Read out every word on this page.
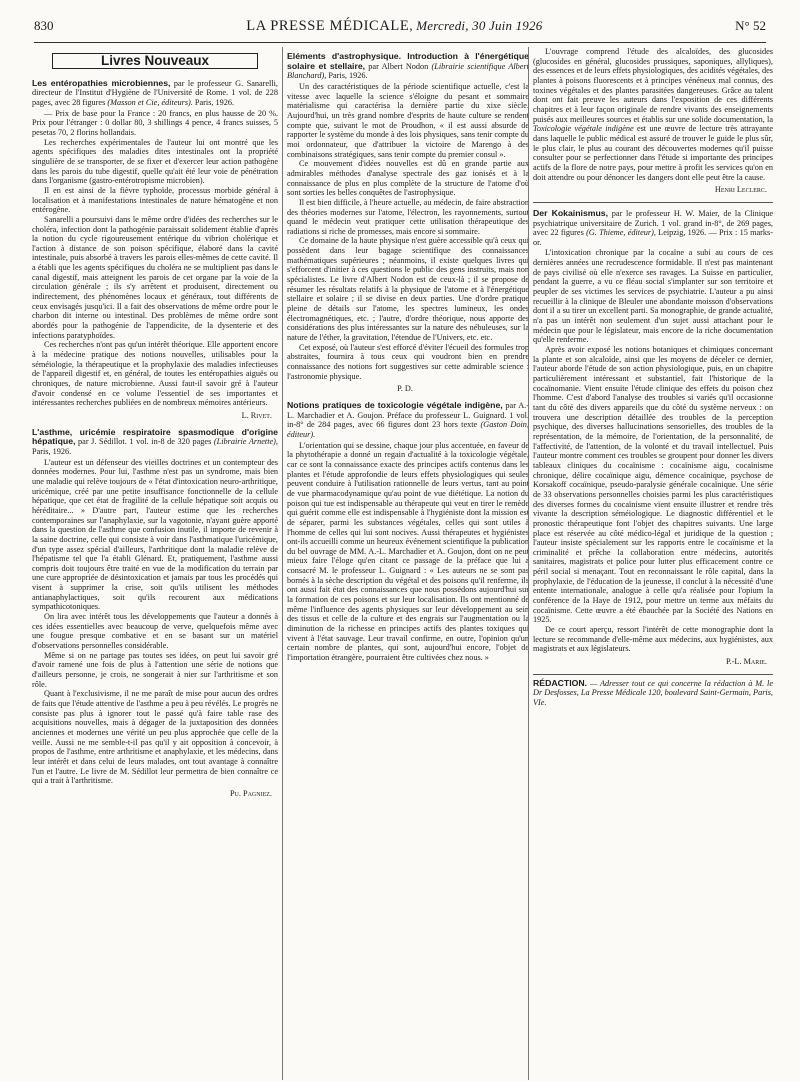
830	LA PRESSE MÉDICALE, Mercredi, 30 Juin 1926	N° 52
Livres Nouveaux

Les entéropathies microbiennes, par le professeur G. Sanarelli, directeur de l'Institut d'Hygiène de l'Université de Rome. 1 vol. de 228 pages, avec 28 figures (Masson et Cie, éditeurs). Paris, 1926.

— Prix de base pour la France : 20 francs, en plus hausse de 20 %. Prix pour l'étranger : 0 dollar 80, 3 shillings 4 pence, 4 francs suisses, 5 pesetas 70, 2 florins hollandais.

Les recherches expérimentales de l'auteur lui ont montré que les agents spécifiques des maladies dites intestinales ont la propriété singulière de se transporter, de se fixer et d'exercer leur action pathogène dans les parois du tube digestif, quelle qu'ait été leur voie de pénétration dans l'organisme (gastro-entérotropisme microbien).

Il en est ainsi de la fièvre typhoïde, processus morbide général à localisation et à manifestations intestinales de nature hématogène et non entérogène.

Sanarelli a poursuivi dans le même ordre d'idées des recherches sur le choléra, infection dont la pathogénie paraissait solidement établie d'après la notion du cycle rigoureusement entérique du vibrion cholérique et l'action à distance de son poison spécifique, élaboré dans la cavité intestinale, puis absorbé à travers les parois elles-mêmes de cette cavité. Il a établi que les agents spécifiques du choléra ne se multiplient pas dans le canal digestif, mais atteignent les parois de cet organe par la voie de la circulation générale ; ils s'y arrêtent et produisent, directement ou indirectement, des phénomènes locaux et généraux, tout différents de ceux envisagés jusqu'ici. Il a fait des observations de même ordre pour le charbon dit interne ou intestinal. Des problèmes de même ordre sont abordés pour la pathogénie de l'appendicite, de la dysenterie et des infections paratyphoïdes.

Ces recherches n'ont pas qu'un intérêt théorique. Elle apportent encore à la médecine pratique des notions nouvelles, utilisables pour la séméiologie, la thérapeutique et la prophylaxie des maladies infectieuses de l'appareil digestif et, en général, de toutes les entéropathies aiguës ou chroniques, de nature microbienne. Aussi faut-il savoir gré à l'auteur d'avoir condensé en ce volume l'essentiel de ses importantes et intéressantes recherches publiées en de nombreux mémoires antérieurs.

L. Rivet.

L'asthme, uricémie respiratoire spasmodique d'origine hépatique, par J. Sédillot. 1 vol. in-8 de 320 pages (Librairie Arnette), Paris, 1926.

L'auteur est un défenseur des vieilles doctrines et un contempteur des données modernes. Pour lui, l'asthme n'est pas un syndrome, mais bien une maladie qui relève toujours de « l'état d'intoxication neuro-arthritique, uricémique, créé par une petite insuffisance fonctionnelle de la cellule hépatique, que cet état de fragilité de la cellule hépatique soit acquis ou héréditaire... » D'autre part, l'auteur estime que les recherches contemporaines sur l'anaphylaxie, sur la vagotonie, n'ayant guère apporté dans la question de l'asthme que confusion inutile, il importe de revenir à la saine doctrine, celle qui consiste à voir dans l'asthmatique l'uricémique, d'un type assez spécial d'ailleurs, l'arthritique dont la maladie relève de l'hépatisme tel que l'a établi Glénard. Et, pratiquement, l'asthme aussi compris doit toujours être traité en vue de la modification du terrain par une cure appropriée de désintoxication et jamais par tous les procédés qui visent à supprimer la crise, soit qu'ils utilisent les méthodes antianaphylactiques, soit qu'ils recourent aux médications sympathicotoniques.

On lira avec intérêt tous les développements que l'auteur a donnés à ces idées essentielles avec beaucoup de verve, quelquefois même avec une fougue presque combative et en se basant sur un matériel d'observations personnelles considérable.

Même si on ne partage pas toutes ses idées, on peut lui savoir gré d'avoir ramené une fois de plus à l'attention une série de notions que d'ailleurs personne, je crois, ne songerait à nier sur l'arthritisme et son rôle.

Quant à l'exclusivisme, il ne me paraît de mise pour aucun des ordres de faits que l'étude attentive de l'asthme a peu à peu révélés. Le progrès ne consiste pas plus à ignorer tout le passé qu'à faire table rase des acquisitions nouvelles, mais à dégager de la juxtaposition des données anciennes et modernes une vérité un peu plus approchée que celle de la veille. Aussi ne me semble-t-il pas qu'il y ait opposition à concevoir, à propos de l'asthme, entre arthritisme et anaphylaxie, et les médecins, dans leur intérêt et dans celui de leurs malades, ont tout avantage à connaître l'un et l'autre. Le livre de M. Sédillot leur permettra de bien connaître ce qui a trait à l'arthritisme.

Pu. Pagniez.

Eléments d'astrophysique. Introduction à l'énergétique solaire et stellaire, par Albert Nodon (Librairie scientifique Albert Blanchard), Paris, 1926.

Un des caractéristiques de la période scientifique actuelle, c'est la vitesse avec laquelle la science s'éloigne du pesant et sommaire matérialisme qui caractérisa la dernière partie du xixe siècle. Aujourd'hui, un très grand nombre d'esprits de haute culture se rendent compte que, suivant le mot de Proudhon, « il est aussi absurde de rapporter le système du monde à des lois physiques, sans tenir compte du moi ordonnateur, que d'attribuer la victoire de Marengo à des combinaisons stratégiques, sans tenir compte du premier consul ».

Ce mouvement d'idées nouvelles est dû en grande partie aux admirables méthodes d'analyse spectrale des gaz ionisés et à la connaissance de plus en plus complète de la structure de l'atome d'où sont sorties les belles conquêtes de l'astrophysique.

Il est bien difficile, à l'heure actuelle, au médecin, de faire abstraction des théories modernes sur l'atome, l'électron, les rayonnements, surtout quand le médecin veut pratiquer cette utilisation thérapeutique des radiations si riche de promesses, mais encore si sommaire.

Ce domaine de la haute physique n'est guère accessible qu'à ceux qui possèdent dans leur bagage scientifique des connaissances mathématiques supérieures ; néanmoins, il existe quelques livres qui s'efforcent d'initier à ces questions le public des gens instruits, mais non spécialistes. Le livre d'Albert Nodon est de ceux-là ; il se propose de résumer les résultats relatifs à la physique de l'atome et à l'énergétique stellaire et solaire ; il se divise en deux parties. Une d'ordre pratique pleine de détails sur l'atome, les spectres lumineux, les ondes électromagnétiques, etc. ; l'autre, d'ordre théorique, nous apporte des considérations des plus intéressantes sur la nature des nébuleuses, sur la nature de l'éther, la gravitation, l'étendue de l'Univers, etc. etc.

Cet exposé, où l'auteur s'est efforcé d'éviter l'écueil des formules trop abstraites, fournira à tous ceux qui voudront bien en prendre connaissance des notions fort suggestives sur cette admirable science : l'astronomie physique.

P. D.

Notions pratiques de toxicologie végétale indigène, par A.-L. Marchadier et A. Goujon. Préface du professeur L. Guignard. 1 vol. in-8° de 284 pages, avec 66 figures dont 23 hors texte (Gaston Doin, éditeur).

L'orientation qui se dessine, chaque jour plus accentuée, en faveur de la phytothérapie a donné un regain d'actualité à la toxicologie végétale, car ce sont la connaissance exacte des principes actifs contenus dans les plantes et l'étude approfondie de leurs effets physiologiques qui seules peuvent conduire à l'utilisation rationnelle de leurs vertus, tant au point de vue pharmacodynamique qu'au point de vue diététique. La notion du poison qui tue est indispensable au thérapeute qui veut en tirer le remède qui guérit comme elle est indispensable à l'hygiéniste dont la mission est de séparer, parmi les substances végétales, celles qui sont utiles à l'homme de celles qui lui sont nocives. Aussi thérapeutes et hygiénistes ont-ils accueilli comme un heureux événement scientifique la publication du bel ouvrage de MM. A.-L. Marchadier et A. Goujon, dont on ne peut mieux faire l'éloge qu'en citant ce passage de la préface que lui a consacré M. le professeur L. Guignard : « Les auteurs ne se sont pas bornés à la sèche description du végétal et des poisons qu'il renferme, ils ont aussi fait état des connaissances que nous possédons aujourd'hui sur la formation de ces poisons et sur leur localisation. Ils ont mentionné de même l'influence des agents physiques sur leur développement au sein des tissus et celle de la culture et des engrais sur l'augmentation ou la diminution de la richesse en principes actifs des plantes toxiques qui vivent à l'état sauvage. Leur travail confirme, en outre, l'opinion qu'un certain nombre de plantes, qui sont, aujourd'hui encore, l'objet de l'importation étrangère, pourraient être cultivées chez nous. »

L'ouvrage comprend l'étude des alcaloïdes, des glucosides (glucosides en général, glucosides prussiques, saponiques, allyliques), des essences et de leurs effets physiologiques, des acidités végétales, des plantes à poisons fluorescents et à principes vénéneux mal connus, des toxines végétales et des plantes parasitées dangereuses. Grâce au talent dont ont fait preuve les auteurs dans l'exposition de ces différents chapitres et à leur façon originale de rendre vivants des enseignements puisés aux meilleures sources et établis sur une solide documentation, la Toxicologie végétale indigène est une œuvre de lecture très attrayante dans laquelle le public médical est assuré de trouver le guide le plus sûr, le plus clair, le plus au courant des découvertes modernes qu'il puisse consulter pour se perfectionner dans l'étude si importante des principes actifs de la flore de notre pays, pour mettre à profit les services qu'on en doit attendre ou pour dénoncer les dangers dont elle peut être la cause.

Henri Leclerc.

Der Kokainismus, par le professeur H. W. Maier, de la Clinique psychiatrique universitaire de Zurich. 1 vol. grand in-8°, de 269 pages, avec 22 figures (G. Thieme, éditeur), Leipzig, 1926. — Prix : 15 marks-or.

L'intoxication chronique par la cocaïne a subi au cours de ces dernières années une recrudescence formidable. Il n'est pas maintenant de pays civilisé où elle n'exerce ses ravages. La Suisse en particulier, pendant la guerre, a vu ce fléau social s'implanter sur son territoire et peupler de ses victimes les services de psychiatrie. L'auteur a pu ainsi recueillir à la clinique de Bleuler une abondante moisson d'observations dont il a su tirer un excellent parti. Sa monographie, de grande actualité, n'a pas un intérêt non seulement d'un sujet aussi attachant pour le médecin que pour le législateur, mais encore de la riche documentation qu'elle renferme.

Après avoir exposé les notions botaniques et chimiques concernant la plante et son alcaloïde, ainsi que les moyens de déceler ce dernier, l'auteur aborde l'étude de son action physiologique, puis, en un chapitre particulièrement intéressant et substantiel, fait l'historique de la cocaïnomanie. Vient ensuite l'étude clinique des effets du poison chez l'homme. C'est d'abord l'analyse des troubles si variés qu'il occasionne tant du côté des divers appareils que du côté du système nerveux : on trouvera une description détaillée des troubles de la perception psychique, des diverses hallucinations sensorielles, des troubles de la représentation, de la mémoire, de l'orientation, de la personnalité, de l'affectivité, de l'attention, de la volonté et du travail intellectuel. Puis l'auteur montre comment ces troubles se groupent pour donner les divers tableaux cliniques du cocaïnisme : cocaïnisme aigu, cocaïnisme chronique, délire cocaïnique aigu, démence cocaïnique, psychose de Korsakoff cocaïnique, pseudo-paralysie générale cocaïnique. Une série de 33 observations personnelles choisies parmi les plus caractéristiques des diverses formes du cocaïnisme vient ensuite illustrer et rendre très vivante la description séméiologique. Le diagnostic différentiel et le pronostic thérapeutique font l'objet des chapitres suivants. Une large place est réservée au côté médico-légal et juridique de la question ; l'auteur insiste spécialement sur les rapports entre le cocaïnisme et la criminalité et prêche la collaboration entre médecins, autorités sanitaires, magistrats et police pour lutter plus efficacement contre ce péril social si menaçant. Tout en reconnaissant le rôle capital, dans la prophylaxie, de l'éducation de la jeunesse, il conclut à la nécessité d'une entente internationale, analogue à celle qu'a réalisée pour l'opium la conférence de la Haye de 1912, pour mettre un terme aux méfaits du cocaïnisme. Cette œuvre a été ébauchée par la Société des Nations en 1925.

De ce court aperçu, ressort l'intérêt de cette monographie dont la lecture se recommande d'elle-même aux médecins, aux hygiénistes, aux magistrats et aux législateurs.

P.-L. Marie.

RÉDACTION. — Adresser tout ce qui concerne la rédaction à M. le Dr Desfosses, La Presse Médicale 120, boulevard Saint-Germain, Paris, VIe.
